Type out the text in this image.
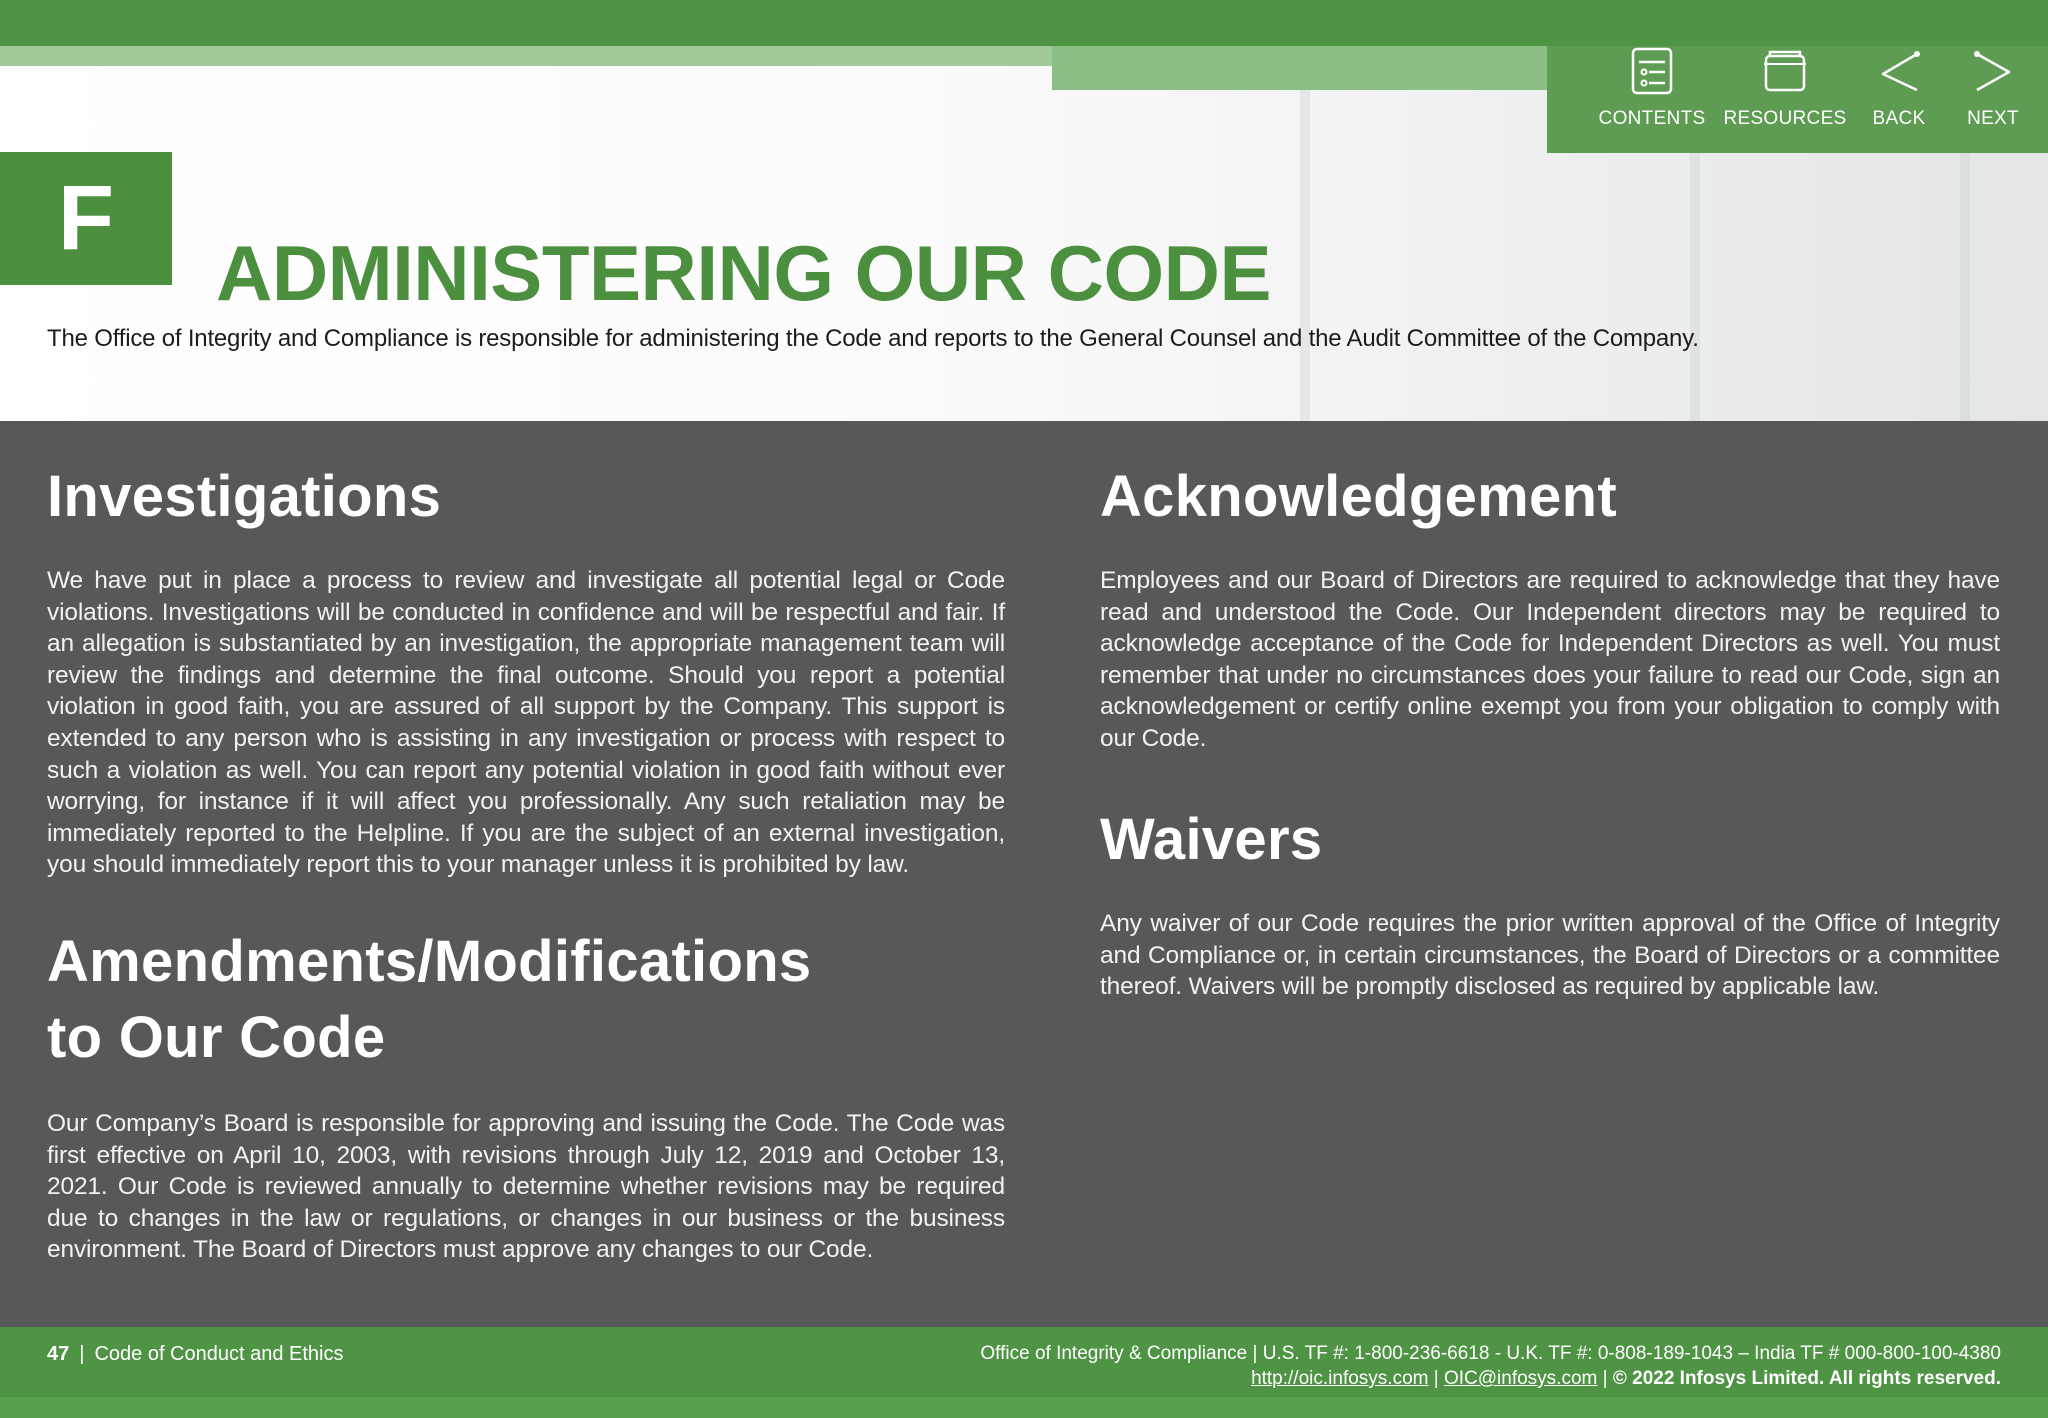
CONTENTS RESOURCES	BACK	NEXT
F
ADMINISTERING OUR CODE
The Office of Integrity and Compliance is responsible for administering the Code and reports to the General Counsel and the Audit Committee of the Company.
Investigations

We have put in place a process to review and investigate all potential legal or Code violations. Investigations will be conducted in confidence and will be respectful and fair. If an allegation is substantiated by an investigation, the appropriate management team will review the findings and determine the final outcome. Should you report a potential violation in good faith, you are assured of all support by the Company. This support is extended to any person who is assisting in any investigation or process with respect to such a violation as well. You can report any potential violation in good faith without ever worrying, for instance if it will affect you professionally. Any such retaliation may be immediately reported to the Helpline. If you are the subject of an external investigation, you should immediately report this to your manager unless it is prohibited by law.

Amendments/Modifications
to Our Code

Our Company’s Board is responsible for approving and issuing the Code. The Code was first effective on April 10, 2003, with revisions through July 12, 2019 and October 13, 2021. Our Code is reviewed annually to determine whether revisions may be required due to changes in the law or regulations, or changes in our business or the business environment. The Board of Directors must approve any changes to our Code.

Acknowledgement

Employees and our Board of Directors are required to acknowledge that they have read and understood the Code. Our Independent directors may be required to acknowledge acceptance of the Code for Independent Directors as well. You must remember that under no circumstances does your failure to read our Code, sign an acknowledgement or certify online exempt you from your obligation to comply with our Code.

Waivers

Any waiver of our Code requires the prior written approval of the Office of Integrity and Compliance or, in certain circumstances, the Board of Directors or a committee thereof. Waivers will be promptly disclosed as required by applicable law.

47 | Code of Conduct and Ethics	Office of Integrity & Compliance | U.S. TF #: 1-800-236-6618 - U.K. TF #: 0-808-189-1043 – India TF # 000-800-100-4380
http://oic.infosys.com | OIC@infosys.com | © 2022 Infosys Limited. All rights reserved.
